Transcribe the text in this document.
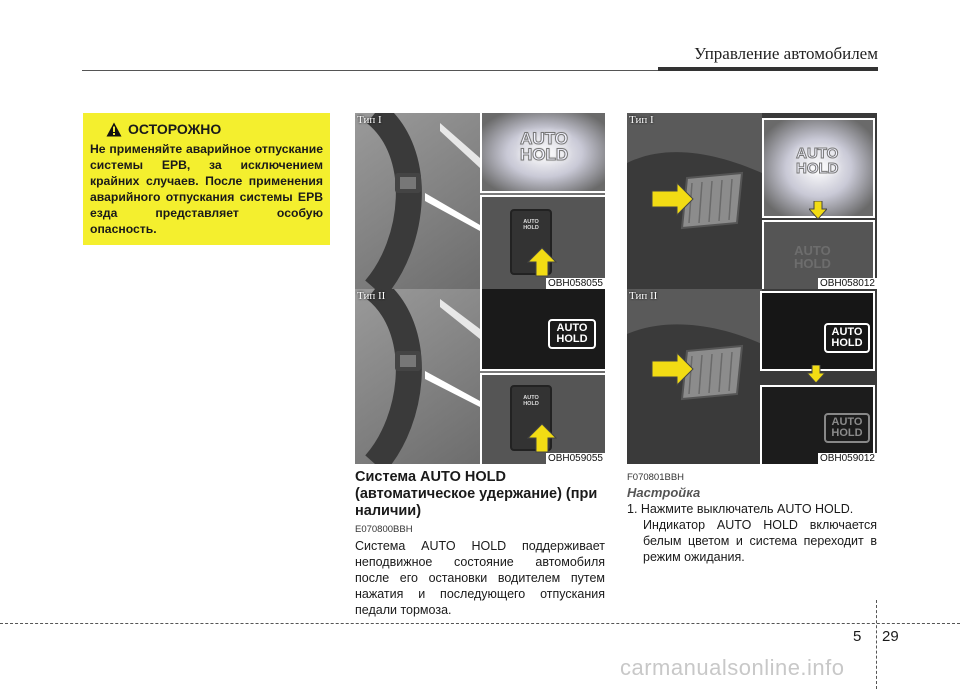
Управление автомобилем
ОСТОРОЖНО
Не применяйте аварийное отпускание системы EPB, за исключением крайних случаев. После применения аварийного отпускания системы EPB езда представляет особую опасность.
AUTO
HOLD
AUTO
HOLD
Тип I
OBH058055
AUTO
HOLD
AUTO
HOLD
Тип II
OBH059055
AUTO
HOLD
AUTO
HOLD
Тип I
OBH058012
AUTO
HOLD
AUTO
HOLD
Тип II
OBH059012
Система AUTO HOLD (автоматическое удержание) (при наличии)
E070800BBH
Система AUTO HOLD поддерживает неподвижное состояние автомобиля после его остановки водителем путем нажатия и последующего отпускания педали тормоза.
F070801BBH
Настройка
1. Нажмите выключатель AUTO HOLD.
Индикатор AUTO HOLD включается белым цветом и система переходит в режим ожидания.
5 29
carmanualsonline.info
